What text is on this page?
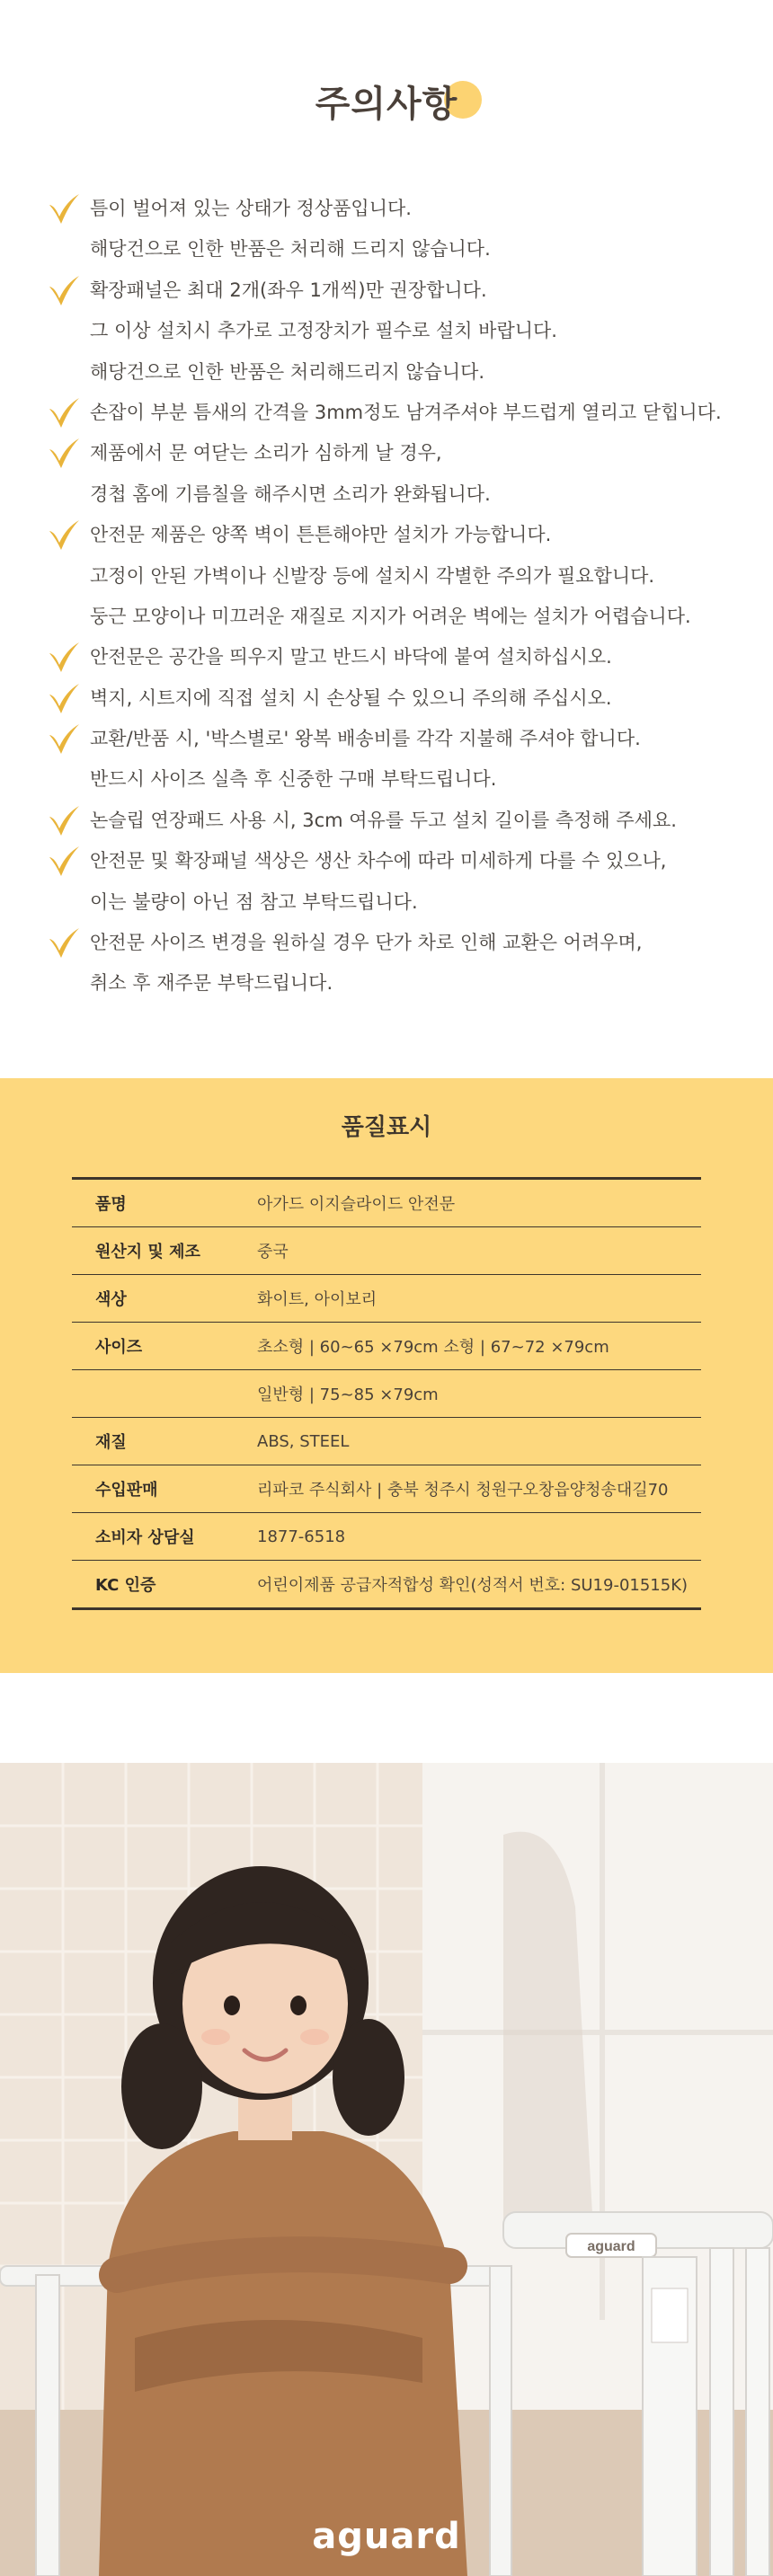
주의사항
틈이 벌어져 있는 상태가 정상품입니다.
해당건으로 인한 반품은 처리해 드리지 않습니다.
확장패널은 최대 2개(좌우 1개씩)만 권장합니다.
그 이상 설치시 추가로 고정장치가 필수로 설치 바랍니다.
해당건으로 인한 반품은 처리해드리지 않습니다.
손잡이 부분 틈새의 간격을 3mm정도 남겨주셔야 부드럽게 열리고 닫힙니다.
제품에서 문 여닫는 소리가 심하게 날 경우,
경첩 홈에 기름칠을 해주시면 소리가 완화됩니다.
안전문 제품은 양쪽 벽이 튼튼해야만 설치가 가능합니다.
고정이 안된 가벽이나 신발장 등에 설치시 각별한 주의가 필요합니다.
둥근 모양이나 미끄러운 재질로 지지가 어려운 벽에는 설치가 어렵습니다.
안전문은 공간을 띄우지 말고 반드시 바닥에 붙여 설치하십시오.
벽지, 시트지에 직접 설치 시 손상될 수 있으니 주의해 주십시오.
교환/반품 시, '박스별로' 왕복 배송비를 각각 지불해 주셔야 합니다.
반드시 사이즈 실측 후 신중한 구매 부탁드립니다.
논슬립 연장패드 사용 시, 3cm 여유를 두고 설치 길이를 측정해 주세요.
안전문 및 확장패널 색상은 생산 차수에 따라 미세하게 다를 수 있으나,
이는 불량이 아닌 점 참고 부탁드립니다.
안전문 사이즈 변경을 원하실 경우 단가 차로 인해 교환은 어려우며,
취소 후 재주문 부탁드립니다.
품질표시
품명	아가드 이지슬라이드 안전문
원산지 및 제조	중국
색상	화이트, 아이보리
사이즈	초소형 | 60~65 ×79cm 소형 | 67~72 ×79cm
일반형 | 75~85 ×79cm
재질	ABS, STEEL
수입판매	리파코 주식회사 | 충북 청주시 청원구오창읍양청송대길70
소비자 상담실	1877-6518
KC 인증	어린이제품 공급자적합성 확인(성적서 번호: SU19-01515K)
aguard
aguard
